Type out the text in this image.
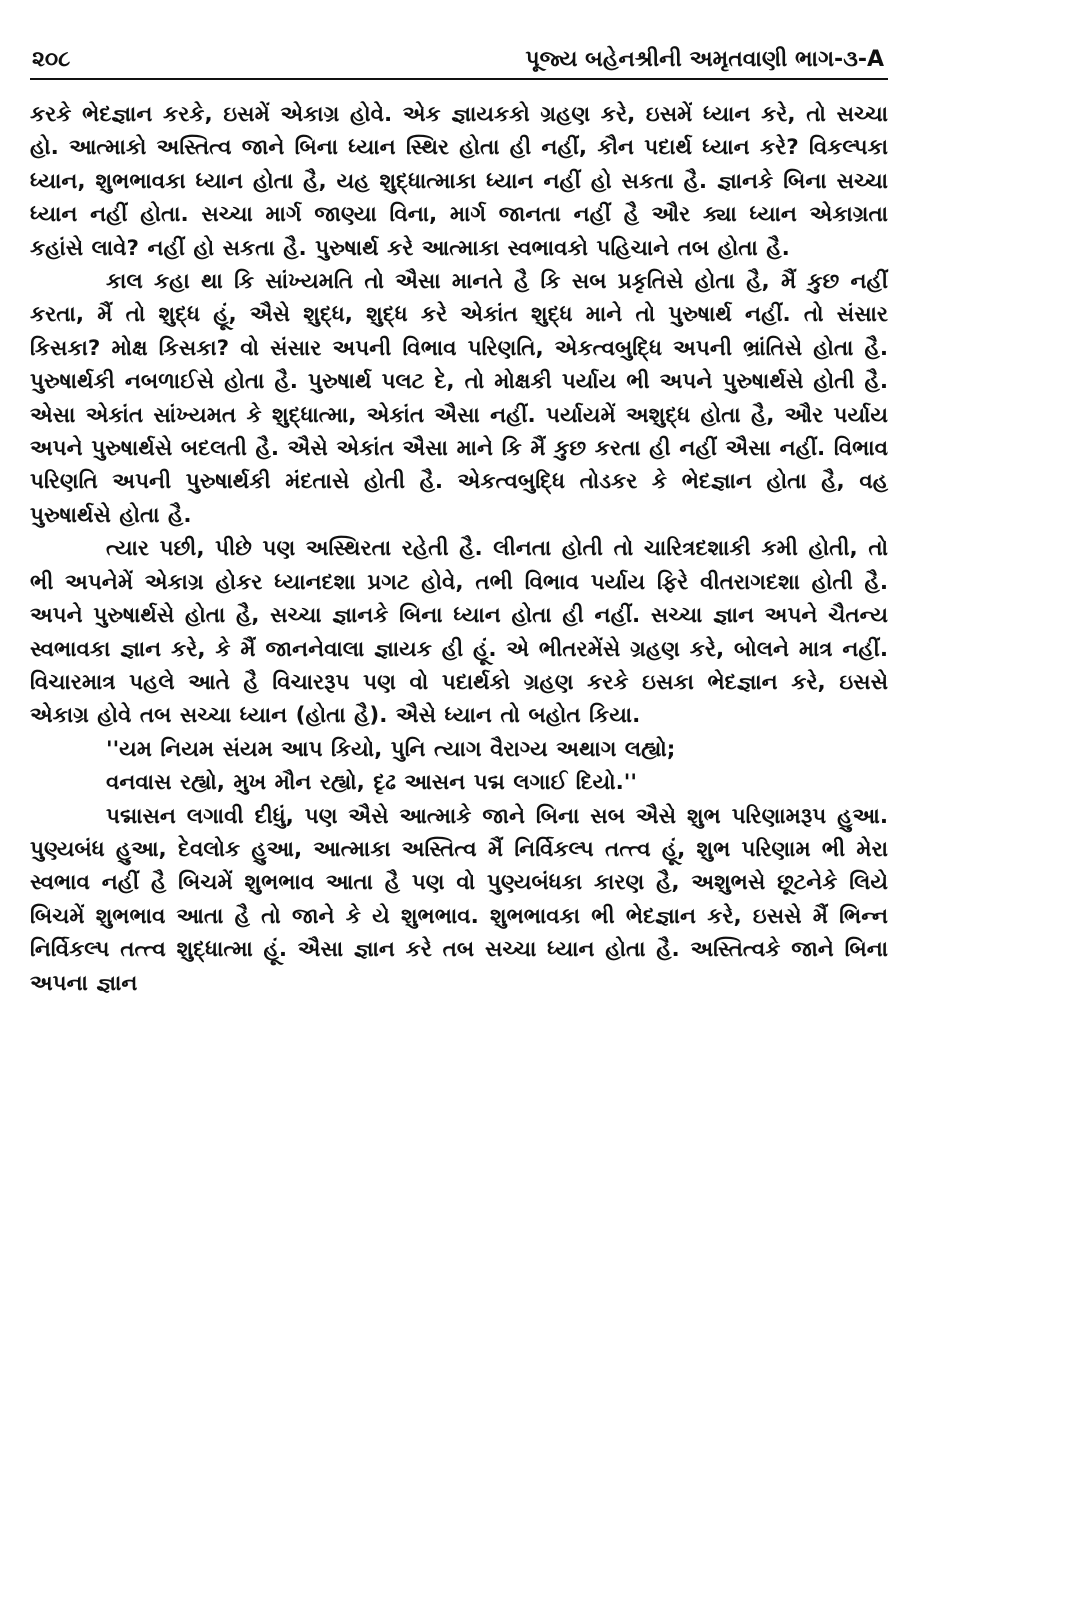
૨૦૮	પૂજ્ય બહેનશ્રીની અમૃતવાણી ભાગ-૩-A

કરકે ભેદજ્ઞાન કરકે, ઇસમેં એકાગ્ર હોવે. એક જ્ઞાયકકો ગ્રહણ કરે, ઇસમેં ધ્યાન કરે, તો સચ્ચા હો. આત્માકો અસ્તિત્વ જાને બિના ધ્યાન સ્થિર હોતા હી નહીં, કૌન પદાર્થ ધ્યાન કરે? વિકલ્પકા ધ્યાન, શુભભાવકા ધ્યાન હોતા હૈ, યહ શુદ્ધાત્માકા ધ્યાન નહીં હો સકતા હૈ. જ્ઞાનકે બિના સચ્ચા ધ્યાન નહીં હોતા. સચ્ચા માર્ગ જાણ્યા વિના, માર્ગ જાનતા નહીં હૈ ઔર ક્યા ધ્યાન એકાગ્રતા કહાંસે લાવે? નહીં હો સકતા હૈ. પુરુષાર્થ કરે આત્માકા સ્વભાવકો પહિચાને તબ હોતા હૈ.

કાલ કહા થા કિ સાંખ્યમતિ તો ઐસા માનતે હૈ કિ સબ પ્રકૃતિસે હોતા હૈ, મૈં કુછ નહીં કરતા, મૈં તો શુદ્ધ હૂં, ઐસે શુદ્ધ, શુદ્ધ કરે એકાંત શુદ્ધ માને તો પુરુષાર્થ નહીં. તો સંસાર કિસકા? મોક્ષ કિસકા? વો સંસાર અપની વિભાવ પરિણતિ, એકત્વબુદ્ધિ અપની ભ્રાંતિસે હોતા હૈ. પુરુષાર્થકી નબળાઈસે હોતા હૈ. પુરુષાર્થ પલટ દે, તો મોક્ષકી પર્યાય ભી અપને પુરુષાર્થસે હોતી હૈ. એસા એકાંત સાંખ્યમત કે શુદ્ધાત્મા, એકાંત ઐસા નહીં. પર્યાયમેં અશુદ્ધ હોતા હૈ, ઔર પર્યાય અપને પુરુષાર્થસે બદલતી હૈ. ઐસે એકાંત ઐસા માને કિ મૈં કુછ કરતા હી નહીં ઐસા નહીં. વિભાવ પરિણતિ અપની પુરુષાર્થકી મંદતાસે હોતી હૈ. એકત્વબુદ્ધિ તોડકર કે ભેદજ્ઞાન હોતા હૈ, વહ પુરુષાર્થસે હોતા હૈ.

ત્યાર પછી, પીછે પણ અસ્થિરતા રહેતી હૈ. લીનતા હોતી તો ચારિત્રદશાકી કમી હોતી, તો ભી અપનેમેં એકાગ્ર હોકર ધ્યાનદશા પ્રગટ હોવે, તભી વિભાવ પર્યાય ફિરે વીતરાગદશા હોતી હૈ. અપને પુરુષાર્થસે હોતા હૈ, સચ્ચા જ્ઞાનકે બિના ધ્યાન હોતા હી નહીં. સચ્ચા જ્ઞાન અપને ચૈતન્ય સ્વભાવકા જ્ઞાન કરે, કે મૈં જાનનેવાલા જ્ઞાયક હી હૂં. એ ભીતરમેંસે ગ્રહણ કરે, બોલને માત્ર નહીં. વિચારમાત્ર પહલે આતે હૈ વિચારરૂપ પણ વો પદાર્થકો ગ્રહણ કરકે ઇસકા ભેદજ્ઞાન કરે, ઇસસે એકાગ્ર હોવે તબ સચ્ચા ધ્યાન (હોતા હૈ). ઐસે ધ્યાન તો બહોત કિયા.

''યમ નિયમ સંયમ આપ કિયો, પુનિ ત્યાગ વૈરાગ્ય અથાગ લહ્યો;

વનવાસ રહ્યો, મુખ મૌન રહ્યો, દૃઢ આસન પદ્મ લગાઈ દિયો.''

પદ્માસન લગાવી દીધું, પણ ઐસે આત્માકે જાને બિના સબ ઐસે શુભ પરિણામરૂપ હુઆ. પુણ્યબંધ હુઆ, દેવલોક હુઆ, આત્માકા અસ્તિત્વ મૈં નિર્વિકલ્પ તત્ત્વ હૂં, શુભ પરિણામ ભી મેરા સ્વભાવ નહીં હૈ બિચમેં શુભભાવ આતા હૈ પણ વો પુણ્યબંધકા કારણ હૈ, અશુભસે છૂટનેકે લિયે બિચમેં શુભભાવ આતા હૈ તો જાને કે યે શુભભાવ. શુભભાવકા ભી ભેદજ્ઞાન કરે, ઇસસે મૈં ભિન્ન નિર્વિકલ્પ તત્ત્વ શુદ્ધાત્મા હૂં. ઐસા જ્ઞાન કરે તબ સચ્ચા ધ્યાન હોતા હૈ. અસ્તિત્વકે જાને બિના અપના જ્ઞાન
